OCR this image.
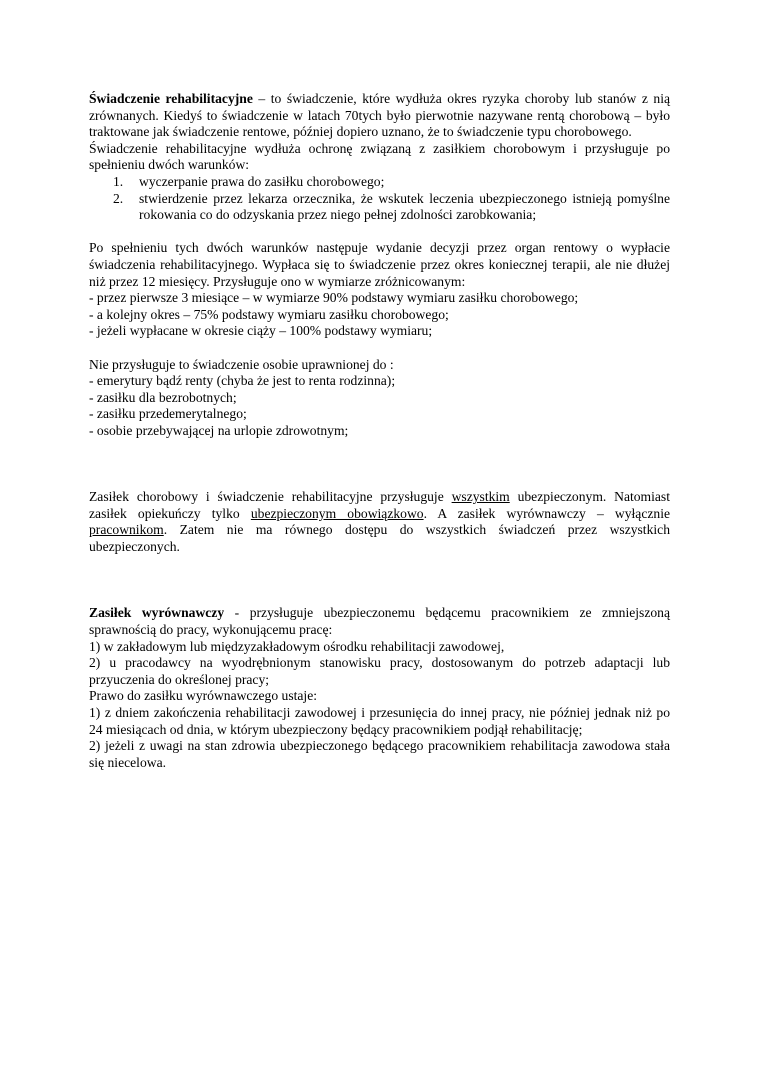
Świadczenie rehabilitacyjne – to świadczenie, które wydłuża okres ryzyka choroby lub stanów z nią zrównanych. Kiedyś to świadczenie w latach 70tych było pierwotnie nazywane rentą chorobową – było traktowane jak świadczenie rentowe, później dopiero uznano, że to świadczenie typu chorobowego.

Świadczenie rehabilitacyjne wydłuża ochronę związaną z zasiłkiem chorobowym i przysługuje po spełnieniu dwóch warunków:

1. wyczerpanie prawa do zasiłku chorobowego;
2. stwierdzenie przez lekarza orzecznika, że wskutek leczenia ubezpieczonego istnieją pomyślne rokowania co do odzyskania przez niego pełnej zdolności zarobkowania;

Po spełnieniu tych dwóch warunków następuje wydanie decyzji przez organ rentowy o wypłacie świadczenia rehabilitacyjnego. Wypłaca się to świadczenie przez okres koniecznej terapii, ale nie dłużej niż przez 12 miesięcy. Przysługuje ono w wymiarze zróżnicowanym:

- przez pierwsze 3 miesiące – w wymiarze 90% podstawy wymiaru zasiłku chorobowego;
- a kolejny okres – 75% podstawy wymiaru zasiłku chorobowego;
- jeżeli wypłacane w okresie ciąży – 100% podstawy wymiaru;

Nie przysługuje to świadczenie osobie uprawnionej do :

- emerytury bądź renty (chyba że jest to renta rodzinna);
- zasiłku dla bezrobotnych;
- zasiłku przedemerytalnego;
- osobie przebywającej na urlopie zdrowotnym;

Zasiłek chorobowy i świadczenie rehabilitacyjne przysługuje wszystkim ubezpieczonym. Natomiast zasiłek opiekuńczy tylko ubezpieczonym obowiązkowo. A zasiłek wyrównawczy – wyłącznie pracownikom. Zatem nie ma równego dostępu do wszystkich świadczeń przez wszystkich ubezpieczonych.

Zasiłek wyrównawczy - przysługuje ubezpieczonemu będącemu pracownikiem ze zmniejszoną sprawnością do pracy, wykonującemu pracę:

1) w zakładowym lub międzyzakładowym ośrodku rehabilitacji zawodowej,

2) u pracodawcy na wyodrębnionym stanowisku pracy, dostosowanym do potrzeb adaptacji lub przyuczenia do określonej pracy;

Prawo do zasiłku wyrównawczego ustaje:

1) z dniem zakończenia rehabilitacji zawodowej i przesunięcia do innej pracy, nie później jednak niż po 24 miesiącach od dnia, w którym ubezpieczony będący pracownikiem podjął rehabilitację;

2) jeżeli z uwagi na stan zdrowia ubezpieczonego będącego pracownikiem rehabilitacja zawodowa stała się niecelowa.
